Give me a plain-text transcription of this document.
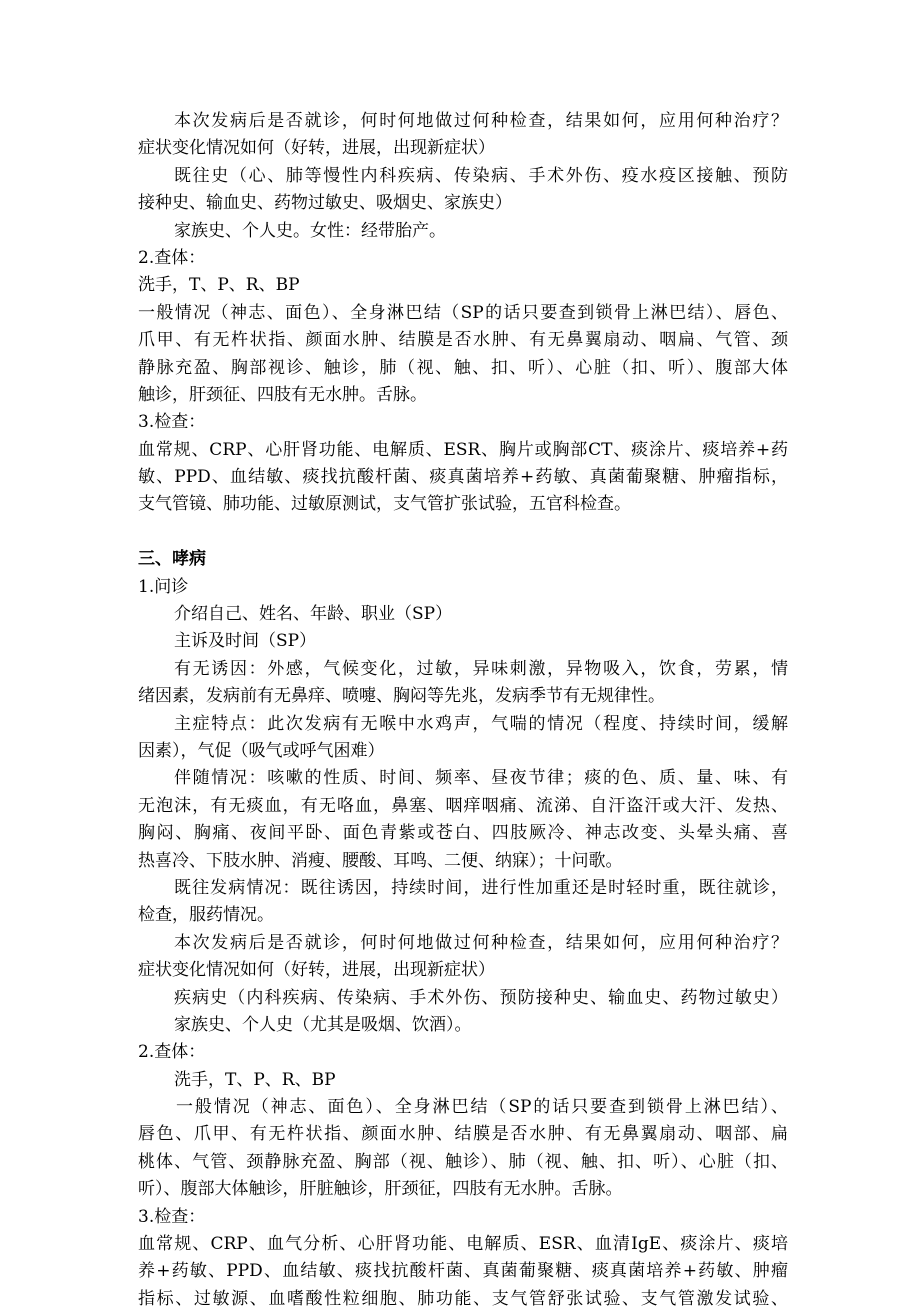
本次发病后是否就诊，何时何地做过何种检查，结果如何，应用何种治疗？
症状变化情况如何（好转，进展，出现新症状）
既往史（心、肺等慢性内科疾病、传染病、手术外伤、疫水疫区接触、预防
接种史、输血史、药物过敏史、吸烟史、家族史）
家族史、个人史。女性：经带胎产。
2.查体：
洗手，T、P、R、BP
一般情况（神志、面色）、全身淋巴结（SP的话只要查到锁骨上淋巴结）、唇色、
爪甲、有无杵状指、颜面水肿、结膜是否水肿、有无鼻翼扇动、咽扁、气管、颈
静脉充盈、胸部视诊、触诊，肺（视、触、扣、听）、心脏（扣、听）、腹部大体
触诊，肝颈征、四肢有无水肿。舌脉。
3.检查：
血常规、CRP、心肝肾功能、电解质、ESR、胸片或胸部CT、痰涂片、痰培养+药
敏、PPD、血结敏、痰找抗酸杆菌、痰真菌培养+药敏、真菌葡聚糖、肿瘤指标，
支气管镜、肺功能、过敏原测试，支气管扩张试验，五官科检查。
三、哮病
1.问诊
介绍自己、姓名、年龄、职业（SP）
主诉及时间（SP）
有无诱因：外感，气候变化，过敏，异味刺激，异物吸入，饮食，劳累，情
绪因素，发病前有无鼻痒、喷嚏、胸闷等先兆，发病季节有无规律性。
主症特点：此次发病有无喉中水鸡声，气喘的情况（程度、持续时间，缓解
因素），气促（吸气或呼气困难）
伴随情况：咳嗽的性质、时间、频率、昼夜节律；痰的色、质、量、味、有
无泡沫，有无痰血，有无咯血，鼻塞、咽痒咽痛、流涕、自汗盗汗或大汗、发热、
胸闷、胸痛、夜间平卧、面色青紫或苍白、四肢厥冷、神志改变、头晕头痛、喜
热喜冷、下肢水肿、消瘦、腰酸、耳鸣、二便、纳寐）；十问歌。
既往发病情况：既往诱因，持续时间，进行性加重还是时轻时重，既往就诊，
检查，服药情况。
本次发病后是否就诊，何时何地做过何种检查，结果如何，应用何种治疗？
症状变化情况如何（好转，进展，出现新症状）
疾病史（内科疾病、传染病、手术外伤、预防接种史、输血史、药物过敏史）
家族史、个人史（尤其是吸烟、饮酒）。
2.查体：
洗手，T、P、R、BP
一般情况（神志、面色）、全身淋巴结（SP的话只要查到锁骨上淋巴结）、
唇色、爪甲、有无杵状指、颜面水肿、结膜是否水肿、有无鼻翼扇动、咽部、扁
桃体、气管、颈静脉充盈、胸部（视、触诊）、肺（视、触、扣、听）、心脏（扣、
听）、腹部大体触诊，肝脏触诊，肝颈征，四肢有无水肿。舌脉。
3.检查：
血常规、CRP、血气分析、心肝肾功能、电解质、ESR、血清IgE、痰涂片、痰培
养+药敏、PPD、血结敏、痰找抗酸杆菌、真菌葡聚糖、痰真菌培养+药敏、肿瘤
指标、过敏源、血嗜酸性粒细胞、肺功能、支气管舒张试验、支气管激发试验、
